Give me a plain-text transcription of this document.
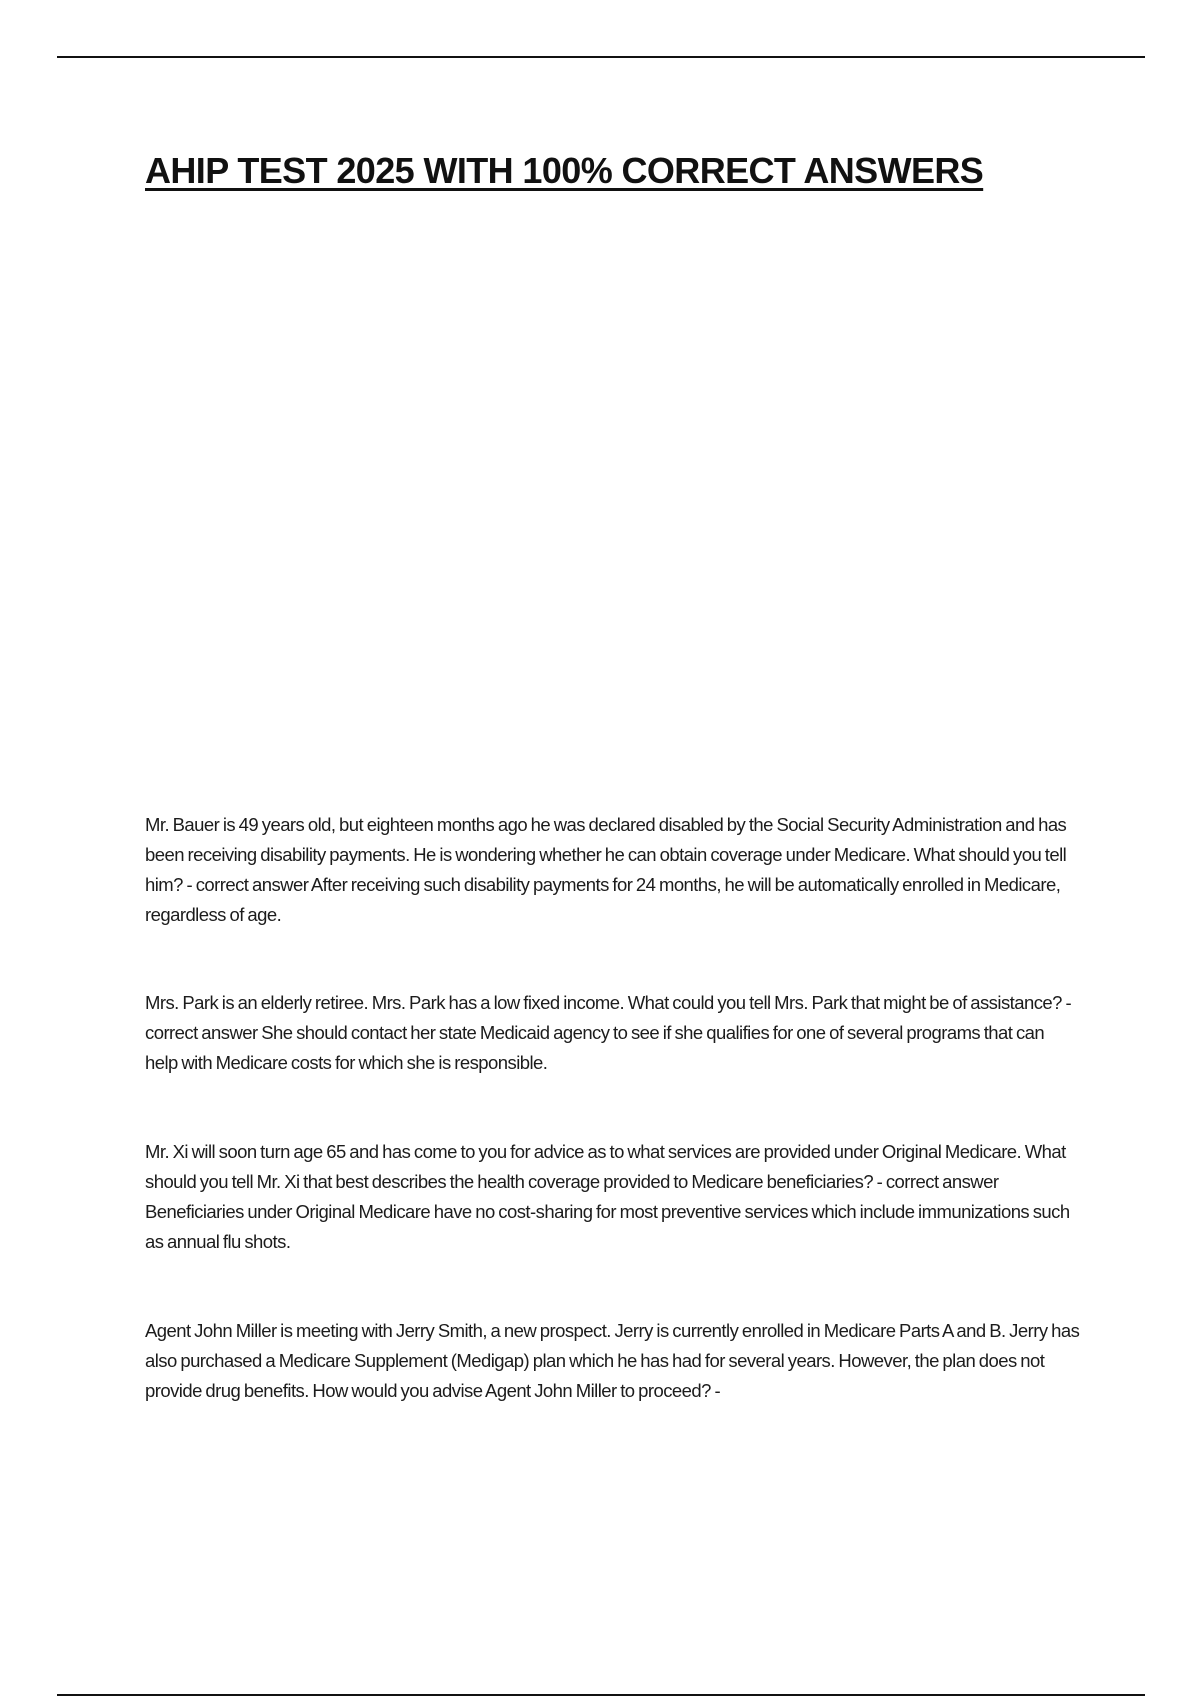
AHIP TEST 2025 WITH 100% CORRECT ANSWERS

Mr. Bauer is 49 years old, but eighteen months ago he was declared disabled by the Social Security Administration and has been receiving disability payments. He is wondering whether he can obtain coverage under Medicare. What should you tell him? - correct answer After receiving such disability payments for 24 months, he will be automatically enrolled in Medicare, regardless of age.

Mrs. Park is an elderly retiree. Mrs. Park has a low fixed income. What could you tell Mrs. Park that might be of assistance? - correct answer She should contact her state Medicaid agency to see if she qualifies for one of several programs that can help with Medicare costs for which she is responsible.

Mr. Xi will soon turn age 65 and has come to you for advice as to what services are provided under Original Medicare. What should you tell Mr. Xi that best describes the health coverage provided to Medicare beneficiaries? - correct answer Beneficiaries under Original Medicare have no cost-sharing for most preventive services which include immunizations such as annual flu shots.

Agent John Miller is meeting with Jerry Smith, a new prospect. Jerry is currently enrolled in Medicare Parts A and B. Jerry has also purchased a Medicare Supplement (Medigap) plan which he has had for several years. However, the plan does not provide drug benefits. How would you advise Agent John Miller to proceed? -
